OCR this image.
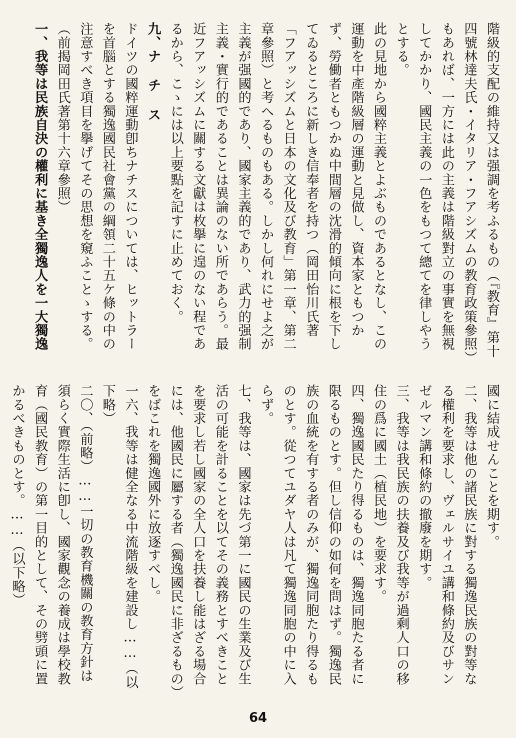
階級的支配の維持又は强調を考ふるもの（『教育』第十四號林達夫氏・イタリア・フアシズムの教育政策參照）もあれば、一方には此の主義は階級對立の事實を無視してかかり、國民主義の一色をもつて總てを律しやうとする。

此の見地から國粹主義とよぶものであるとなし、この運動を中產階級層の運動と見做し、資本家ともつかず、勞働者ともつかぬ中間層の沈滑的傾向に根を下してゐるところに新しき信奉者を持つ（岡田怡川氏著「フアッシズムと日本の文化及び教育」第一章、第二章參照）と考へるものもある。しかし何れにせよ之が主義が强國的であり、國家主義的であり、武力的强制主義・實行的であることは異論のない所であらう。最近フアッシズムに關する文獻は枚擧に遑のない程であるから、こゝには以上要點を記すに止めておく。

九、ナ チ ス

ドイツの國粹運動卽ちナチスについては、ヒットラーを首腦とする獨逸國民社會黨の綱領二十五ケ條の中の注意すべき項目を擧げてその思想を窺ふことゝする。（前揭岡田氏著第十六章參照）

一、我等は民族自決の權利に基き全獨逸人を一大獨逸

國に結成せんことを期す。

二、我等は他の諸民族に對する獨逸民族の對等なる權利を要求し、ヴェルサイユ講和條約及びサンゼルマン講和條約の撤廢を期す。

三、我等は我民族の扶養及び我等が過剩人口の移住の爲に國土（植民地）を要求す。

四、獨逸國民たり得るものは、獨逸同胞たる者に限るものとす。但し信仰の如何を問はず。獨逸民族の血統を有する者のみが、獨逸同胞たり得るものとす。從つてユダヤ人は凡て獨逸同胞の中に入らず。

七、我等は、國家は先づ第一に國民の生業及び生活の可能を計ることを以てその義務とすべきことを要求し若し國家の全人口を扶養し能はざる場合には、他國民に屬する者（獨逸國民に非ざるもの）をばこれを獨逸國外に放逐すべし。

一六、我等は健全なる中流階級を建設し……（以下略）

二〇、（前略）……一切の教育機關の教育方針は須らく實際生活に卽し、國家觀念の養成は學校教育（國民教育）の第一目的として、その劈頭に置かるべきものとす。……（以下略）

64
